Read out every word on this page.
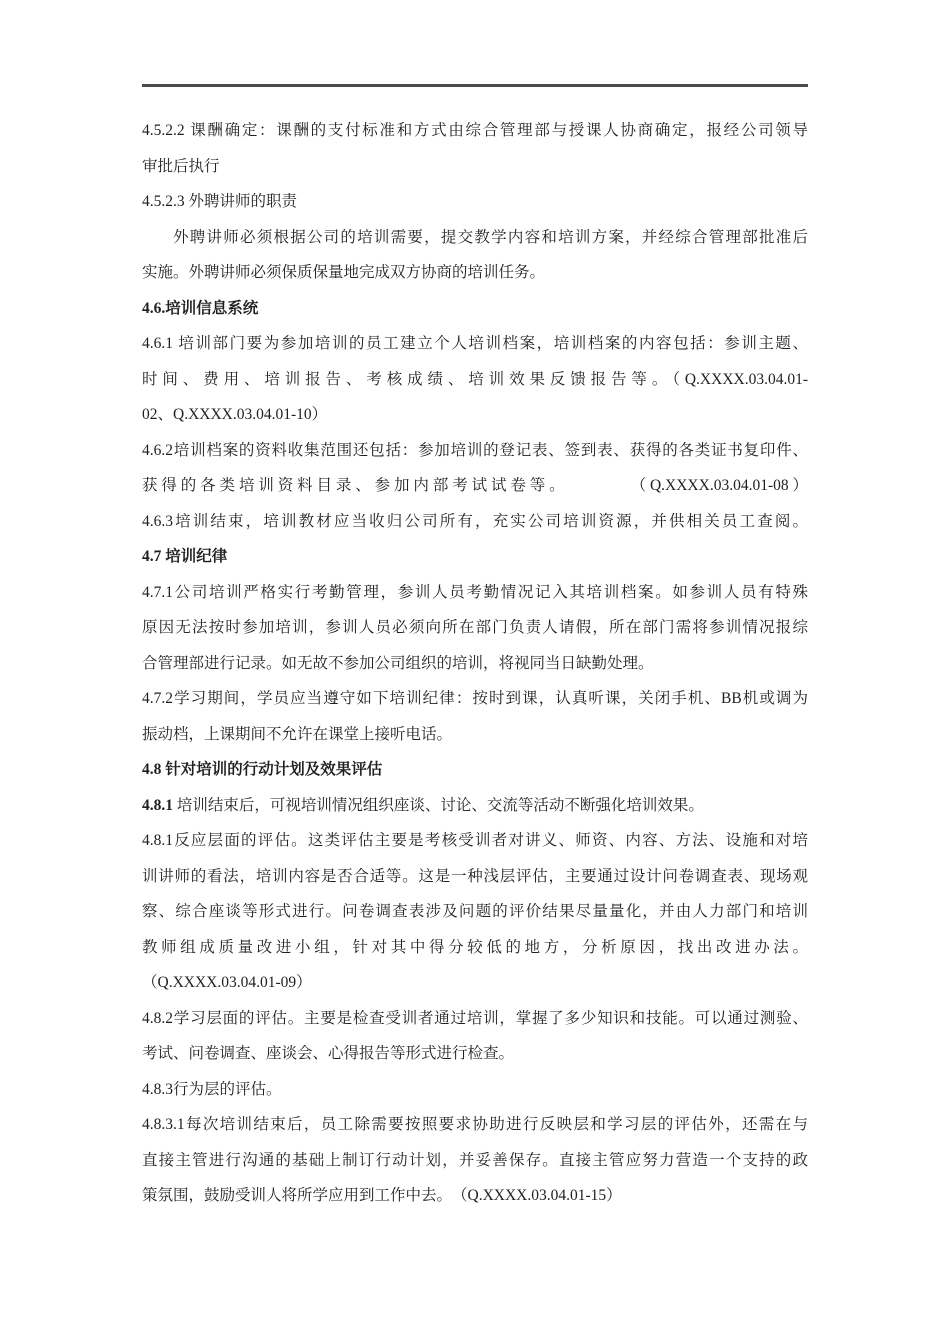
4.5.2.2 课酬确定：课酬的支付标准和方式由综合管理部与授课人协商确定，报经公司领导
审批后执行
4.5.2.3 外聘讲师的职责
外聘讲师必须根据公司的培训需要，提交教学内容和培训方案，并经综合管理部批准后
实施。外聘讲师必须保质保量地完成双方协商的培训任务。
4.6.培训信息系统
4.6.1 培训部门要为参加培训的员工建立个人培训档案，培训档案的内容包括：参训主题、
时间、费用、培训报告、考核成绩、培训效果反馈报告等。（Q.XXXX.03.04.01-
02、Q.XXXX.03.04.01-10）
4.6.2培训档案的资料收集范围还包括：参加培训的登记表、签到表、获得的各类证书复印件、
获得的各类培训资料目录、参加内部考试试卷等。　　　　（Q.XXXX.03.04.01-08）
4.6.3培训结束，培训教材应当收归公司所有，充实公司培训资源，并供相关员工查阅。
4.7 培训纪律
4.7.1公司培训严格实行考勤管理，参训人员考勤情况记入其培训档案。如参训人员有特殊
原因无法按时参加培训，参训人员必须向所在部门负责人请假，所在部门需将参训情况报综
合管理部进行记录。如无故不参加公司组织的培训，将视同当日缺勤处理。
4.7.2学习期间，学员应当遵守如下培训纪律：按时到课，认真听课，关闭手机、BB机或调为
振动档，上课期间不允许在课堂上接听电话。
4.8 针对培训的行动计划及效果评估
4.8.1 培训结束后，可视培训情况组织座谈、讨论、交流等活动不断强化培训效果。
4.8.1反应层面的评估。这类评估主要是考核受训者对讲义、师资、内容、方法、设施和对培
训讲师的看法，培训内容是否合适等。这是一种浅层评估，主要通过设计问卷调查表、现场观
察、综合座谈等形式进行。问卷调查表涉及问题的评价结果尽量量化，并由人力部门和培训
教师组成质量改进小组，针对其中得分较低的地方，分析原因，找出改进办法。
（Q.XXXX.03.04.01-09）
4.8.2学习层面的评估。主要是检查受训者通过培训，掌握了多少知识和技能。可以通过测验、
考试、问卷调查、座谈会、心得报告等形式进行检查。
4.8.3行为层的评估。
4.8.3.1每次培训结束后，员工除需要按照要求协助进行反映层和学习层的评估外，还需在与
直接主管进行沟通的基础上制订行动计划，并妥善保存。直接主管应努力营造一个支持的政
策氛围，鼓励受训人将所学应用到工作中去。　（Q.XXXX.03.04.01-15）
